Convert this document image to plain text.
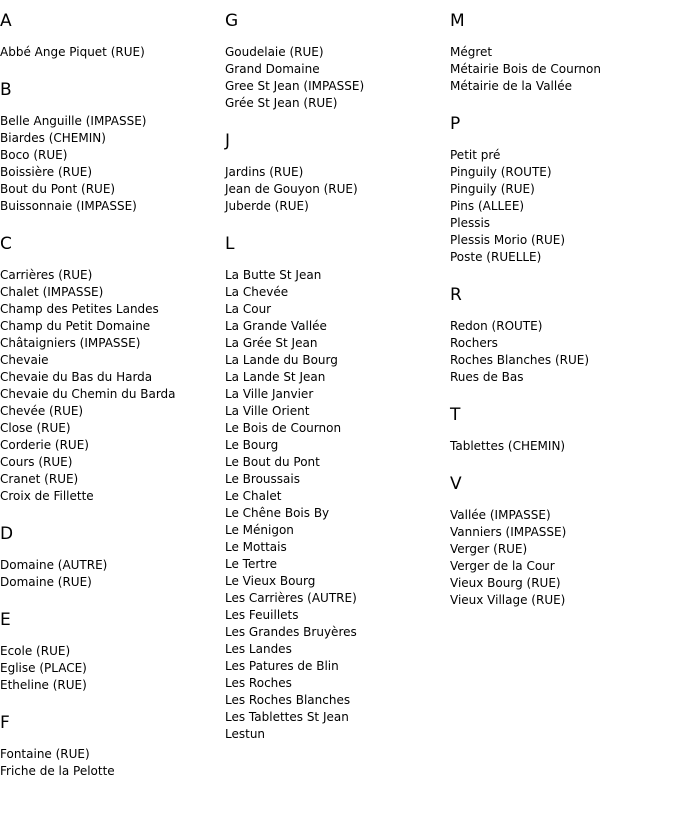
A
Abbé Ange Piquet (RUE)
B
Belle Anguille (IMPASSE)
Biardes (CHEMIN)
Boco (RUE)
Boissière (RUE)
Bout du Pont (RUE)
Buissonnaie (IMPASSE)
C
Carrières (RUE)
Chalet (IMPASSE)
Champ des Petites Landes
Champ du Petit Domaine
Châtaigniers (IMPASSE)
Chevaie
Chevaie du Bas du Harda
Chevaie du Chemin du Barda
Chevée (RUE)
Close (RUE)
Corderie (RUE)
Cours (RUE)
Cranet (RUE)
Croix de Fillette
D
Domaine (AUTRE)
Domaine (RUE)
E
Ecole (RUE)
Eglise (PLACE)
Etheline (RUE)
F
Fontaine (RUE)
Friche de la Pelotte
G
Goudelaie (RUE)
Grand Domaine
Gree St Jean (IMPASSE)
Grée St Jean (RUE)
J
Jardins (RUE)
Jean de Gouyon (RUE)
Juberde (RUE)
L
La Butte St Jean
La Chevée
La Cour
La Grande Vallée
La Grée St Jean
La Lande du Bourg
La Lande St Jean
La Ville Janvier
La Ville Orient
Le Bois de Cournon
Le Bourg
Le Bout du Pont
Le Broussais
Le Chalet
Le Chêne Bois By
Le Ménigon
Le Mottais
Le Tertre
Le Vieux Bourg
Les Carrières (AUTRE)
Les Feuillets
Les Grandes Bruyères
Les Landes
Les Patures de Blin
Les Roches
Les Roches Blanches
Les Tablettes St Jean
Lestun
M
Mégret
Métairie Bois de Cournon
Métairie de la Vallée
P
Petit pré
Pinguily (ROUTE)
Pinguily (RUE)
Pins (ALLEE)
Plessis
Plessis Morio (RUE)
Poste (RUELLE)
R
Redon (ROUTE)
Rochers
Roches Blanches (RUE)
Rues de Bas
T
Tablettes (CHEMIN)
V
Vallée (IMPASSE)
Vanniers (IMPASSE)
Verger (RUE)
Verger de la Cour
Vieux Bourg (RUE)
Vieux Village (RUE)
